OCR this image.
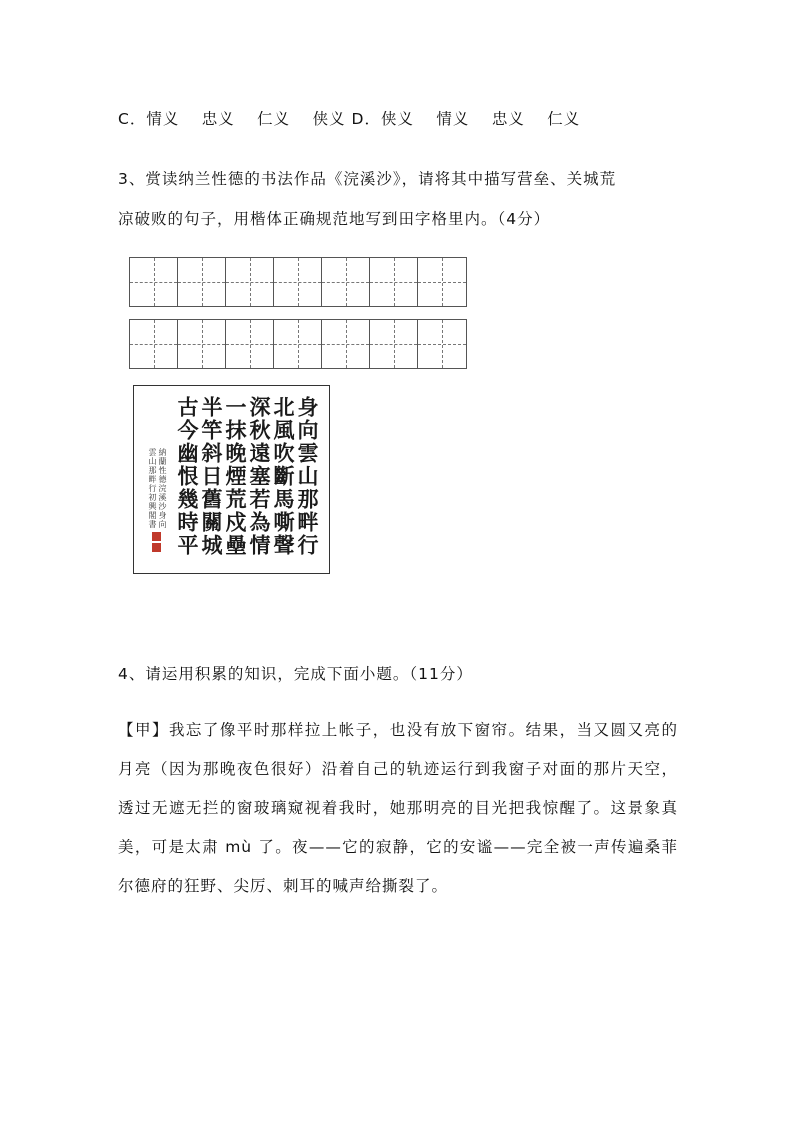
C．情义　 忠义　 仁义　 侠义 D．侠义　 情义　 忠义　 仁义
3、赏读纳兰性德的书法作品《浣溪沙》，请将其中描写营垒、关城荒
凉破败的句子，用楷体正确规范地写到田字格里内。（4分）
身向雲山那畔行
北風吹斷馬嘶聲
深秋遠塞若為情
一抹晚煙荒戍壘
半竿斜日舊關城
古今幽恨幾時平
納蘭性德浣溪沙身向
雲山那畔行初興閣書
4、请运用积累的知识，完成下面小题。（11分）
【甲】我忘了像平时那样拉上帐子，也没有放下窗帘。结果，当又圆又亮的月亮（因为那晚夜色很好）沿着自己的轨迹运行到我窗子对面的那片天空，透过无遮无拦的窗玻璃窥视着我时，她那明亮的目光把我惊醒了。这景象真美，可是太肃 mù 了。夜——它的寂静，它的安谧——完全被一声传遍桑菲尔德府的狂野、尖厉、刺耳的喊声给撕裂了。
